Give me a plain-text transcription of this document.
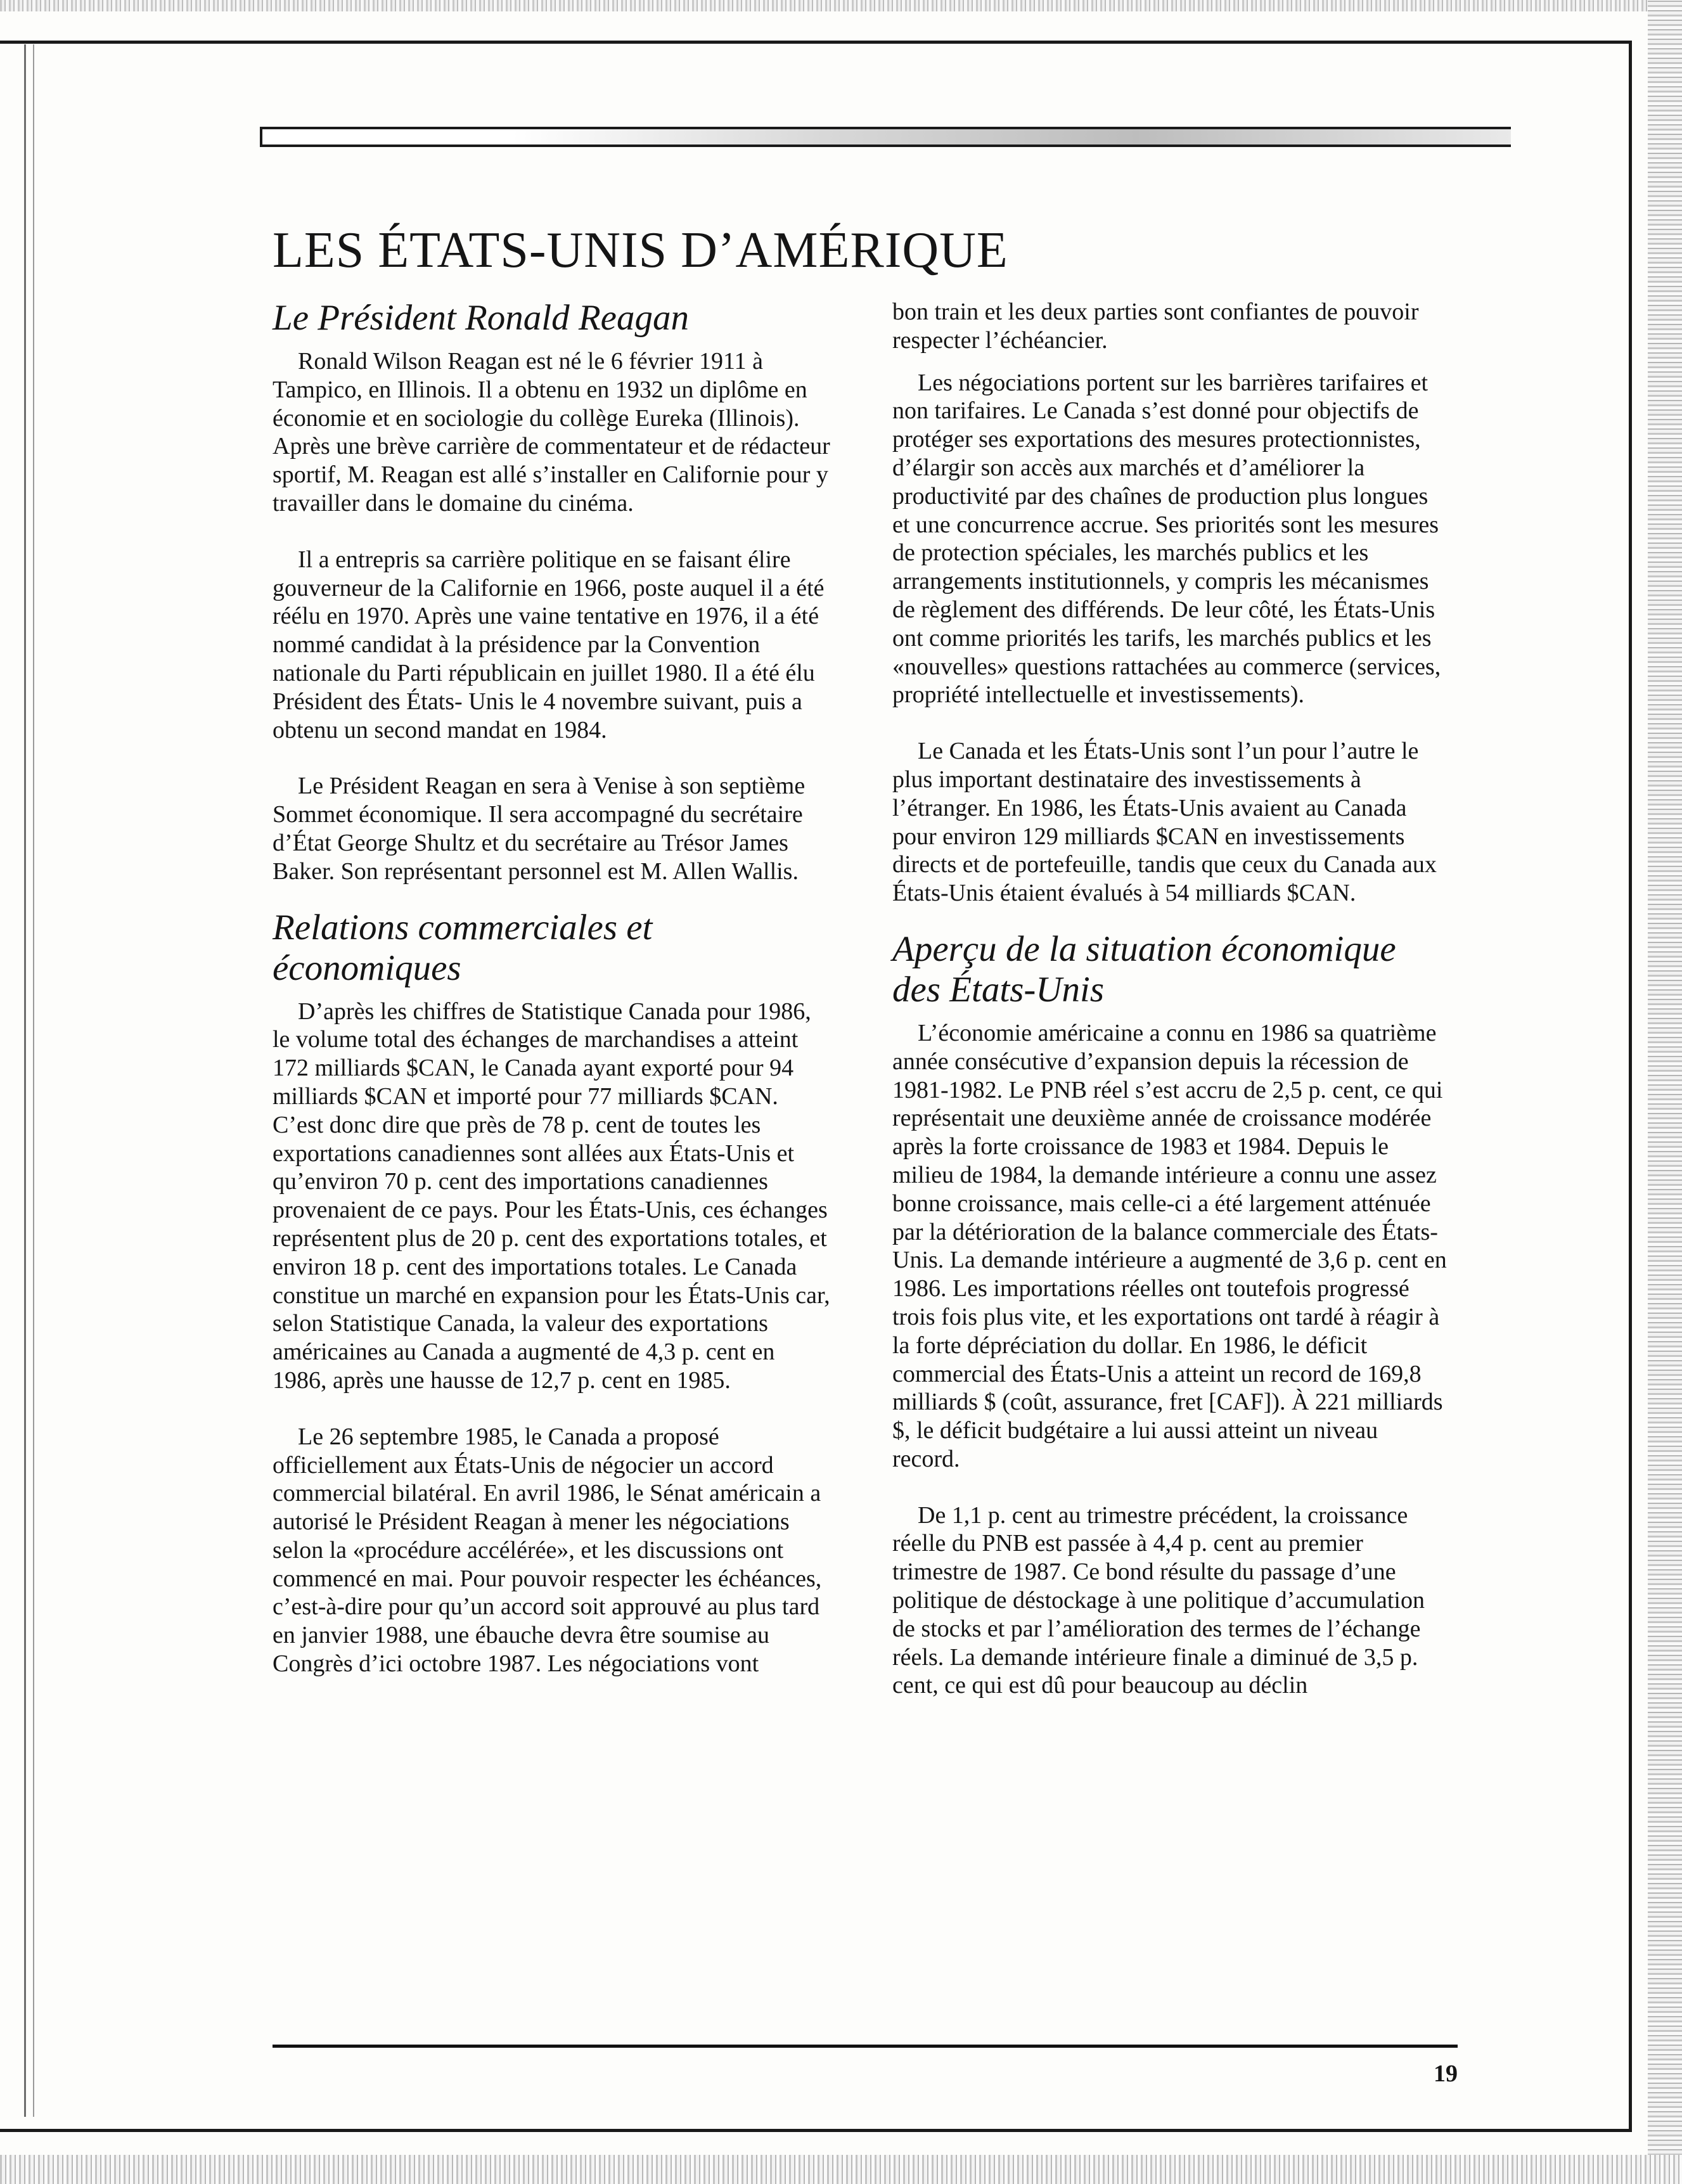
LES ÉTATS-UNIS D’AMÉRIQUE
Le Président Ronald Reagan

Ronald Wilson Reagan est né le 6 février 1911 à Tampico, en Illinois. Il a obtenu en 1932 un diplôme en économie et en sociologie du collège Eureka (Illinois). Après une brève carrière de commentateur et de rédacteur sportif, M. Reagan est allé s’installer en Californie pour y travailler dans le domaine du cinéma.

Il a entrepris sa carrière politique en se faisant élire gouverneur de la Californie en 1966, poste auquel il a été réélu en 1970. Après une vaine tentative en 1976, il a été nommé candidat à la présidence par la Convention nationale du Parti républicain en juillet 1980. Il a été élu Président des États- Unis le 4 novembre suivant, puis a obtenu un second mandat en 1984.

Le Président Reagan en sera à Venise à son septième Sommet économique. Il sera accompagné du secrétaire d’État George Shultz et du secrétaire au Trésor James Baker. Son représentant personnel est M. Allen Wallis.

Relations commerciales et économiques

D’après les chiffres de Statistique Canada pour 1986, le volume total des échanges de marchandises a atteint 172 milliards $CAN, le Canada ayant exporté pour 94 milliards $CAN et importé pour 77 milliards $CAN. C’est donc dire que près de 78 p. cent de toutes les exportations canadiennes sont allées aux États-Unis et qu’environ 70 p. cent des importations canadiennes provenaient de ce pays. Pour les États-Unis, ces échanges représentent plus de 20 p. cent des exportations totales, et environ 18 p. cent des importations totales. Le Canada constitue un marché en expansion pour les États-Unis car, selon Statistique Canada, la valeur des exportations américaines au Canada a augmenté de 4,3 p. cent en 1986, après une hausse de 12,7 p. cent en 1985.

Le 26 septembre 1985, le Canada a proposé officiellement aux États-Unis de négocier un accord commercial bilatéral. En avril 1986, le Sénat américain a autorisé le Président Reagan à mener les négociations selon la «procédure accélérée», et les discussions ont commencé en mai. Pour pouvoir respecter les échéances, c’est-à-dire pour qu’un accord soit approuvé au plus tard en janvier 1988, une ébauche devra être soumise au Congrès d’ici octobre 1987. Les négociations vont

bon train et les deux parties sont confiantes de pouvoir respecter l’échéancier.

Les négociations portent sur les barrières tarifaires et non tarifaires. Le Canada s’est donné pour objectifs de protéger ses exportations des mesures protectionnistes, d’élargir son accès aux marchés et d’améliorer la productivité par des chaînes de production plus longues et une concurrence accrue. Ses priorités sont les mesures de protection spéciales, les marchés publics et les arrangements institutionnels, y compris les mécanismes de règlement des différends. De leur côté, les États-Unis ont comme priorités les tarifs, les marchés publics et les «nouvelles» questions rattachées au commerce (services, propriété intellectuelle et investissements).

Le Canada et les États-Unis sont l’un pour l’autre le plus important destinataire des investissements à l’étranger. En 1986, les États-Unis avaient au Canada pour environ 129 milliards $CAN en investissements directs et de portefeuille, tandis que ceux du Canada aux États-Unis étaient évalués à 54 milliards $CAN.

Aperçu de la situation économique des États-Unis

L’économie américaine a connu en 1986 sa quatrième année consécutive d’expansion depuis la récession de 1981-1982. Le PNB réel s’est accru de 2,5 p. cent, ce qui représentait une deuxième année de croissance modérée après la forte croissance de 1983 et 1984. Depuis le milieu de 1984, la demande intérieure a connu une assez bonne croissance, mais celle-ci a été largement atténuée par la détérioration de la balance commerciale des États-Unis. La demande intérieure a augmenté de 3,6 p. cent en 1986. Les importations réelles ont toutefois progressé trois fois plus vite, et les exportations ont tardé à réagir à la forte dépréciation du dollar. En 1986, le déficit commercial des États-Unis a atteint un record de 169,8 milliards $ (coût, assurance, fret [CAF]). À 221 milliards $, le déficit budgétaire a lui aussi atteint un niveau record.

De 1,1 p. cent au trimestre précédent, la croissance réelle du PNB est passée à 4,4 p. cent au premier trimestre de 1987. Ce bond résulte du passage d’une politique de déstockage à une politique d’accumulation de stocks et par l’amélioration des termes de l’échange réels. La demande intérieure finale a diminué de 3,5 p. cent, ce qui est dû pour beaucoup au déclin

19
